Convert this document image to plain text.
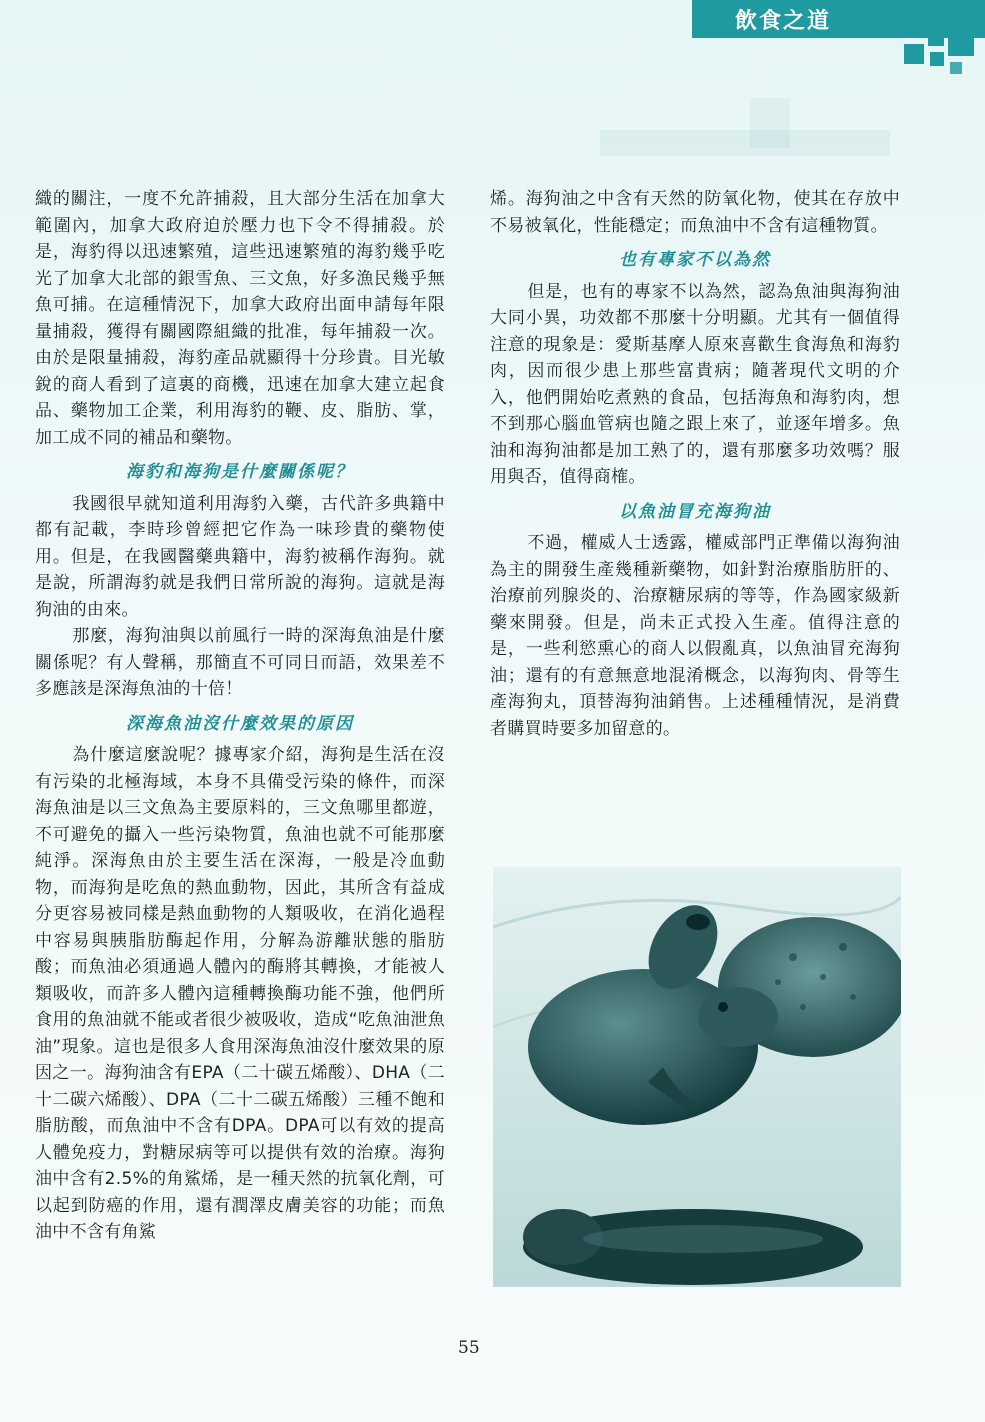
飲食之道

織的關注，一度不允許捕殺，且大部分生活在加拿大範圍內，加拿大政府迫於壓力也下令不得捕殺。於是，海豹得以迅速繁殖，這些迅速繁殖的海豹幾乎吃光了加拿大北部的銀雪魚、三文魚，好多漁民幾乎無魚可捕。在這種情況下，加拿大政府出面申請每年限量捕殺，獲得有關國際組織的批准，每年捕殺一次。由於是限量捕殺，海豹產品就顯得十分珍貴。目光敏銳的商人看到了這裏的商機，迅速在加拿大建立起食品、藥物加工企業，利用海豹的鞭、皮、脂肪、掌，加工成不同的補品和藥物。

海豹和海狗是什麼關係呢？

我國很早就知道利用海豹入藥，古代許多典籍中都有記載，李時珍曾經把它作為一味珍貴的藥物使用。但是，在我國醫藥典籍中，海豹被稱作海狗。就是說，所謂海豹就是我們日常所說的海狗。這就是海狗油的由來。

那麼，海狗油與以前風行一時的深海魚油是什麼關係呢？有人聲稱，那簡直不可同日而語，效果差不多應該是深海魚油的十倍！

深海魚油沒什麼效果的原因

為什麼這麼說呢？據專家介紹，海狗是生活在沒有污染的北極海域，本身不具備受污染的條件，而深海魚油是以三文魚為主要原料的，三文魚哪里都遊，不可避免的攝入一些污染物質，魚油也就不可能那麼純淨。深海魚由於主要生活在深海，一般是冷血動物，而海狗是吃魚的熱血動物，因此，其所含有益成分更容易被同樣是熱血動物的人類吸收，在消化過程中容易與胰脂肪酶起作用，分解為游離狀態的脂肪酸；而魚油必須通過人體內的酶將其轉換，才能被人類吸收，而許多人體內這種轉換酶功能不強，他們所食用的魚油就不能或者很少被吸收，造成“吃魚油泄魚油”現象。這也是很多人食用深海魚油沒什麼效果的原因之一。海狗油含有EPA（二十碳五烯酸）、DHA（二十二碳六烯酸）、DPA（二十二碳五烯酸）三種不飽和脂肪酸，而魚油中不含有DPA。DPA可以有效的提高人體免疫力，對糖尿病等可以提供有效的治療。海狗油中含有2.5%的角鯊烯，是一種天然的抗氧化劑，可以起到防癌的作用，還有潤澤皮膚美容的功能；而魚油中不含有角鯊

烯。海狗油之中含有天然的防氧化物，使其在存放中不易被氧化，性能穩定；而魚油中不含有這種物質。

也有專家不以為然

但是，也有的專家不以為然，認為魚油與海狗油大同小異，功效都不那麼十分明顯。尤其有一個值得注意的現象是：愛斯基摩人原來喜歡生食海魚和海豹肉，因而很少患上那些富貴病；隨著現代文明的介入，他們開始吃煮熟的食品，包括海魚和海豹肉，想不到那心腦血管病也隨之跟上來了，並逐年增多。魚油和海狗油都是加工熟了的，還有那麼多功效嗎？服用與否，值得商榷。

以魚油冒充海狗油

不過，權威人士透露，權威部門正準備以海狗油為主的開發生產幾種新藥物，如針對治療脂肪肝的、治療前列腺炎的、治療糖尿病的等等，作為國家級新藥來開發。但是，尚未正式投入生產。值得注意的是，一些利慾熏心的商人以假亂真，以魚油冒充海狗油；還有的有意無意地混淆概念，以海狗肉、骨等生產海狗丸，頂替海狗油銷售。上述種種情況，是消費者購買時要多加留意的。

55
